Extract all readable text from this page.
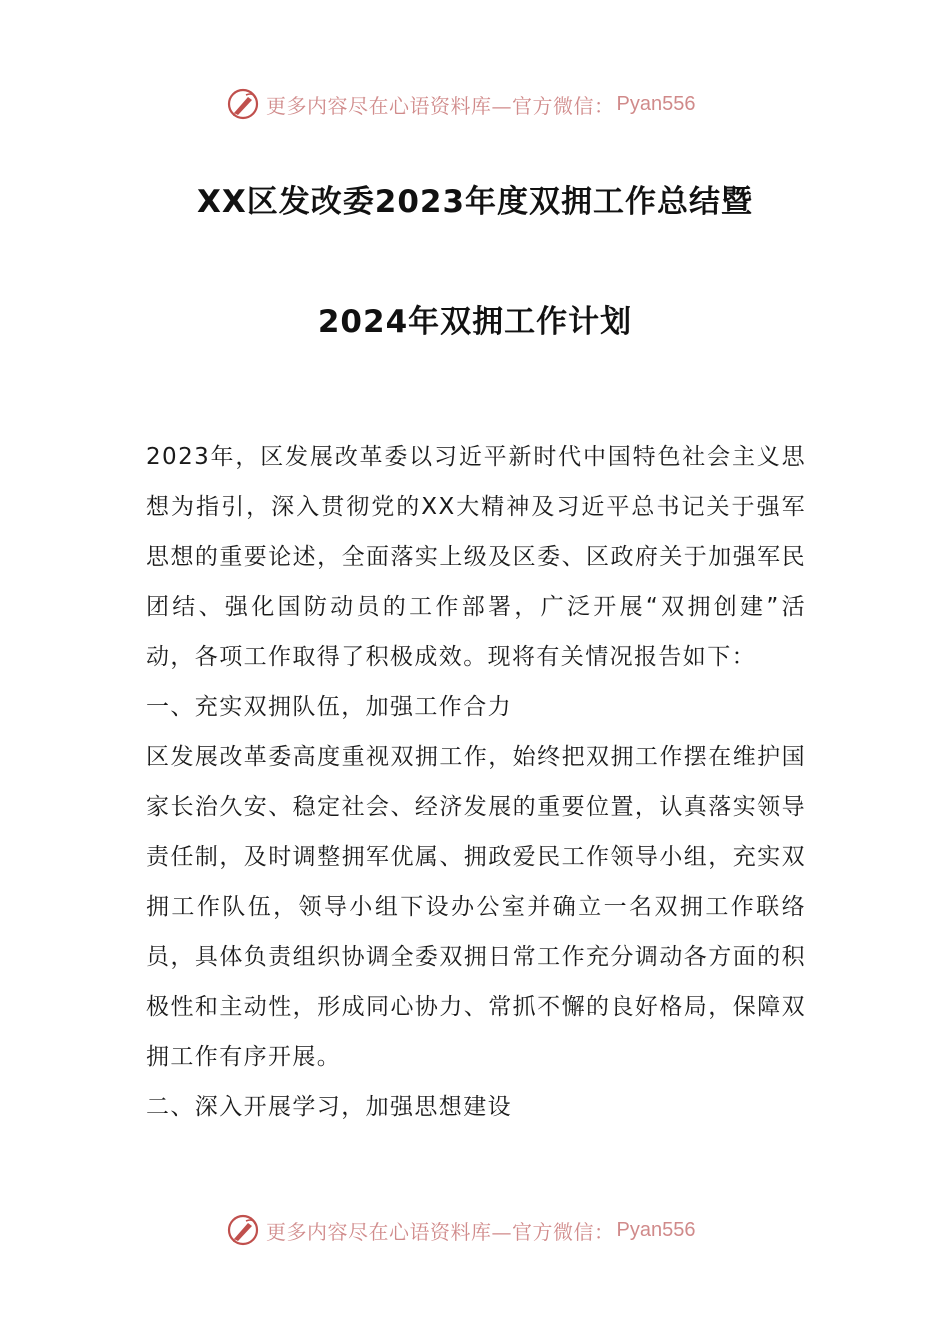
更多内容尽在心语资料库—官方微信： Pyan556
XX区发改委2023年度双拥工作总结暨
2024年双拥工作计划

2023年，区发展改革委以习近平新时代中国特色社会主义思想为指引，深入贯彻党的XX大精神及习近平总书记关于强军思想的重要论述，全面落实上级及区委、区政府关于加强军民团结、强化国防动员的工作部署，广泛开展“双拥创建”活动，各项工作取得了积极成效。现将有关情况报告如下：

一、充实双拥队伍，加强工作合力

区发展改革委高度重视双拥工作，始终把双拥工作摆在维护国家长治久安、稳定社会、经济发展的重要位置，认真落实领导责任制，及时调整拥军优属、拥政爱民工作领导小组，充实双拥工作队伍，领导小组下设办公室并确立一名双拥工作联络员，具体负责组织协调全委双拥日常工作充分调动各方面的积极性和主动性，形成同心协力、常抓不懈的良好格局，保障双拥工作有序开展。

二、深入开展学习，加强思想建设

更多内容尽在心语资料库—官方微信： Pyan556
